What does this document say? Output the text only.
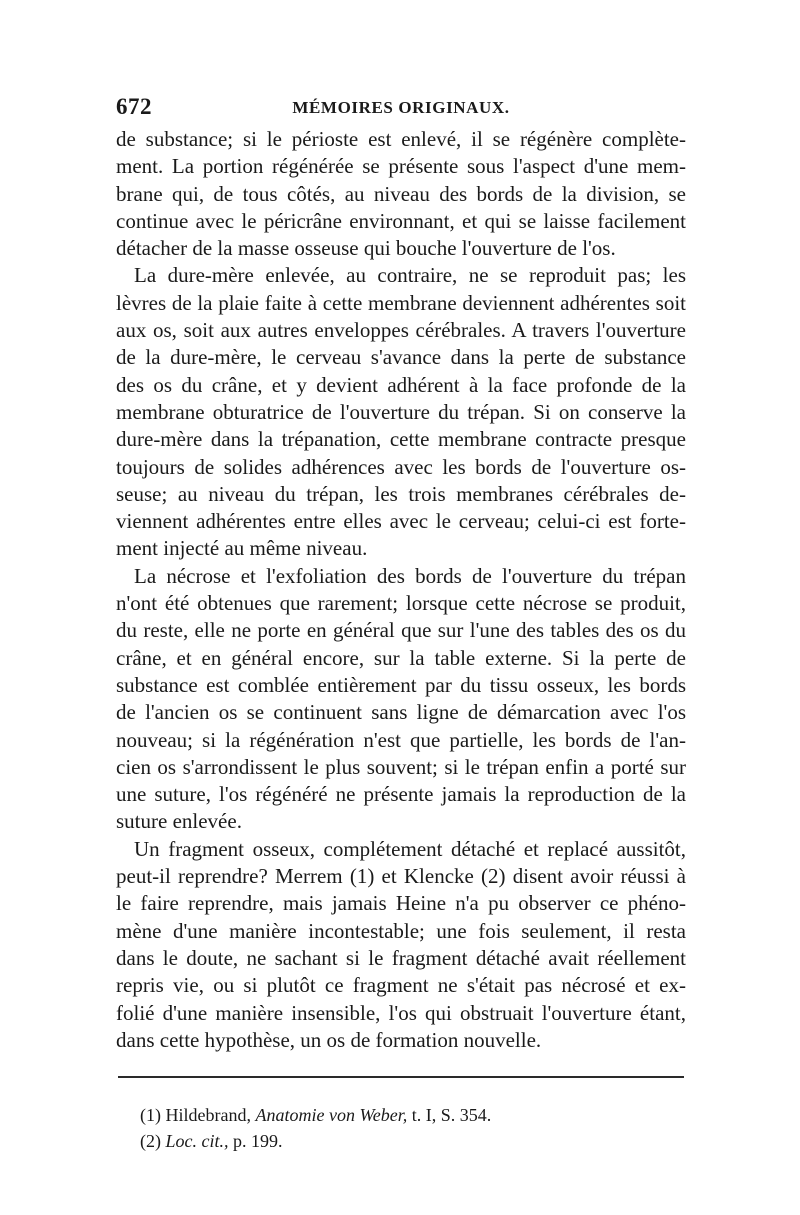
672	MÉMOIRES ORIGINAUX.
de substance; si le périoste est enlevé, il se régénère complète-
ment. La portion régénérée se présente sous l'aspect d'une mem-
brane qui, de tous côtés, au niveau des bords de la division, se
continue avec le péricrâne environnant, et qui se laisse facilement
détacher de la masse osseuse qui bouche l'ouverture de l'os.
La dure-mère enlevée, au contraire, ne se reproduit pas; les
lèvres de la plaie faite à cette membrane deviennent adhérentes soit
aux os, soit aux autres enveloppes cérébrales. A travers l'ouverture
de la dure-mère, le cerveau s'avance dans la perte de substance
des os du crâne, et y devient adhérent à la face profonde de la
membrane obturatrice de l'ouverture du trépan. Si on conserve la
dure-mère dans la trépanation, cette membrane contracte presque
toujours de solides adhérences avec les bords de l'ouverture os-
seuse; au niveau du trépan, les trois membranes cérébrales de-
viennent adhérentes entre elles avec le cerveau; celui-ci est forte-
ment injecté au même niveau.
La nécrose et l'exfoliation des bords de l'ouverture du trépan
n'ont été obtenues que rarement; lorsque cette nécrose se produit,
du reste, elle ne porte en général que sur l'une des tables des os du
crâne, et en général encore, sur la table externe. Si la perte de
substance est comblée entièrement par du tissu osseux, les bords
de l'ancien os se continuent sans ligne de démarcation avec l'os
nouveau; si la régénération n'est que partielle, les bords de l'an-
cien os s'arrondissent le plus souvent; si le trépan enfin a porté sur
une suture, l'os régénéré ne présente jamais la reproduction de la
suture enlevée.
Un fragment osseux, complétement détaché et replacé aussitôt,
peut-il reprendre? Merrem (1) et Klencke (2) disent avoir réussi à
le faire reprendre, mais jamais Heine n'a pu observer ce phéno-
mène d'une manière incontestable; une fois seulement, il resta
dans le doute, ne sachant si le fragment détaché avait réellement
repris vie, ou si plutôt ce fragment ne s'était pas nécrosé et ex-
folié d'une manière insensible, l'os qui obstruait l'ouverture étant,
dans cette hypothèse, un os de formation nouvelle.
(1) Hildebrand, Anatomie von Weber, t. I, S. 354.
(2) Loc. cit., p. 199.
